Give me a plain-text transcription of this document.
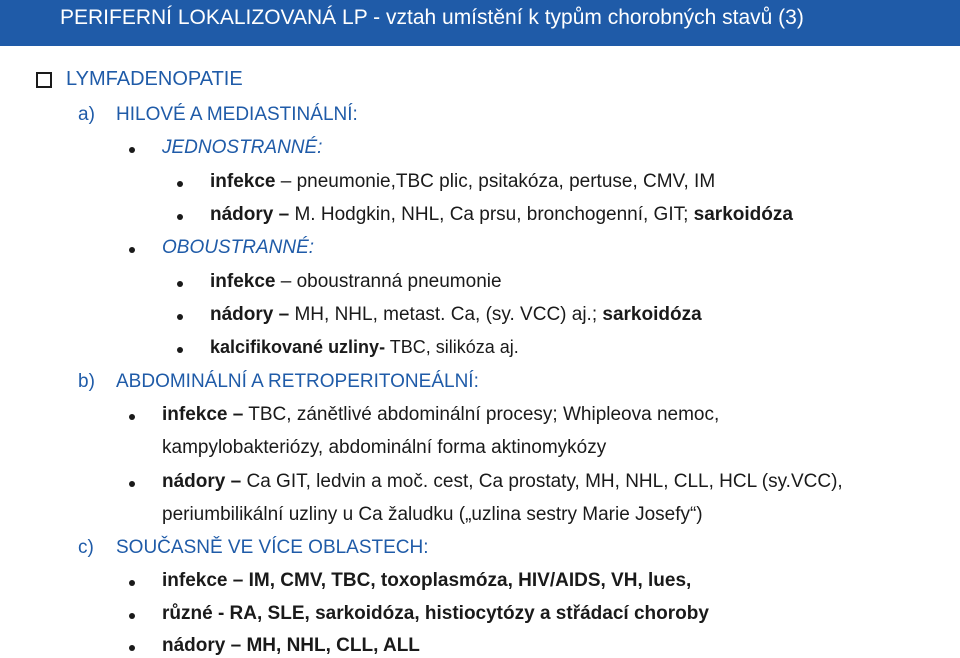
PERIFERNÍ LOKALIZOVANÁ LP - vztah umístění k typům chorobných stavů (3)
LYMFADENOPATIE
a) HILOVÉ A MEDIASTINÁLNÍ:
JEDNOSTRANNÉ:
infekce – pneumonie,TBC plic, psitakóza, pertuse, CMV, IM
nádory – M. Hodgkin, NHL, Ca prsu, bronchogenní, GIT; sarkoidóza
OBOUSTRANNÉ:
infekce – oboustranná pneumonie
nádory – MH, NHL, metast. Ca, (sy. VCC) aj.; sarkoidóza
kalcifikované uzliny- TBC, silikóza aj.
b) ABDOMINÁLNÍ A RETROPERITONEÁLNÍ:
infekce – TBC, zánětlivé abdominální procesy; Whipleova nemoc,
kampylobakteriózy, abdominální forma aktinomykózy
nádory – Ca GIT, ledvin a moč. cest, Ca prostaty, MH, NHL, CLL, HCL (sy.VCC),
periumbilikální uzliny u Ca žaludku („uzlina sestry Marie Josefy“)
c) SOUČASNĚ VE VÍCE OBLASTECH:
infekce – IM, CMV, TBC, toxoplasmóza, HIV/AIDS, VH, lues,
různé - RA, SLE, sarkoidóza, histiocytózy a střádací choroby
nádory – MH, NHL, CLL, ALL
